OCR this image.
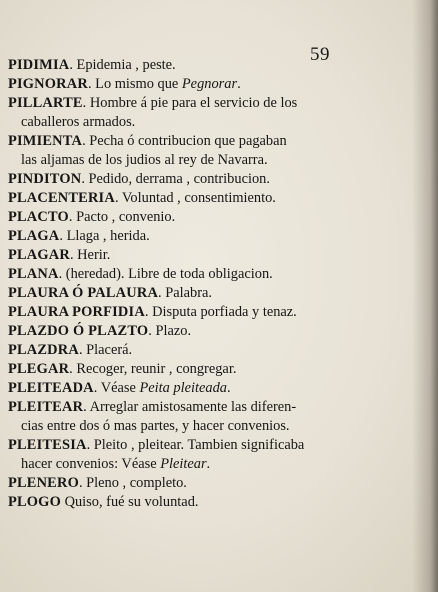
59
PIDIMIA. Epidemia , peste.
PIGNORAR. Lo mismo que Pegnorar.
PILLARTE. Hombre á pie para el servicio de los
caballeros armados.
PIMIENTA. Pecha ó contribucion que pagaban
las aljamas de los judios al rey de Navarra.
PINDITON. Pedido, derrama , contribucion.
PLACENTERIA. Voluntad , consentimiento.
PLACTO. Pacto , convenio.
PLAGA. Llaga , herida.
PLAGAR. Herir.
PLANA. (heredad). Libre de toda obligacion.
PLAURA Ó PALAURA. Palabra.
PLAURA PORFIDIA. Disputa porfiada y tenaz.
PLAZDO Ó PLAZTO. Plazo.
PLAZDRA. Placerá.
PLEGAR. Recoger, reunir , congregar.
PLEITEADA. Véase Peita pleiteada.
PLEITEAR. Arreglar amistosamente las diferen-
cias entre dos ó mas partes, y hacer convenios.
PLEITESIA. Pleito , pleitear. Tambien significaba
hacer convenios: Véase Pleitear.
PLENERO. Pleno , completo.
PLOGO Quiso, fué su voluntad.
